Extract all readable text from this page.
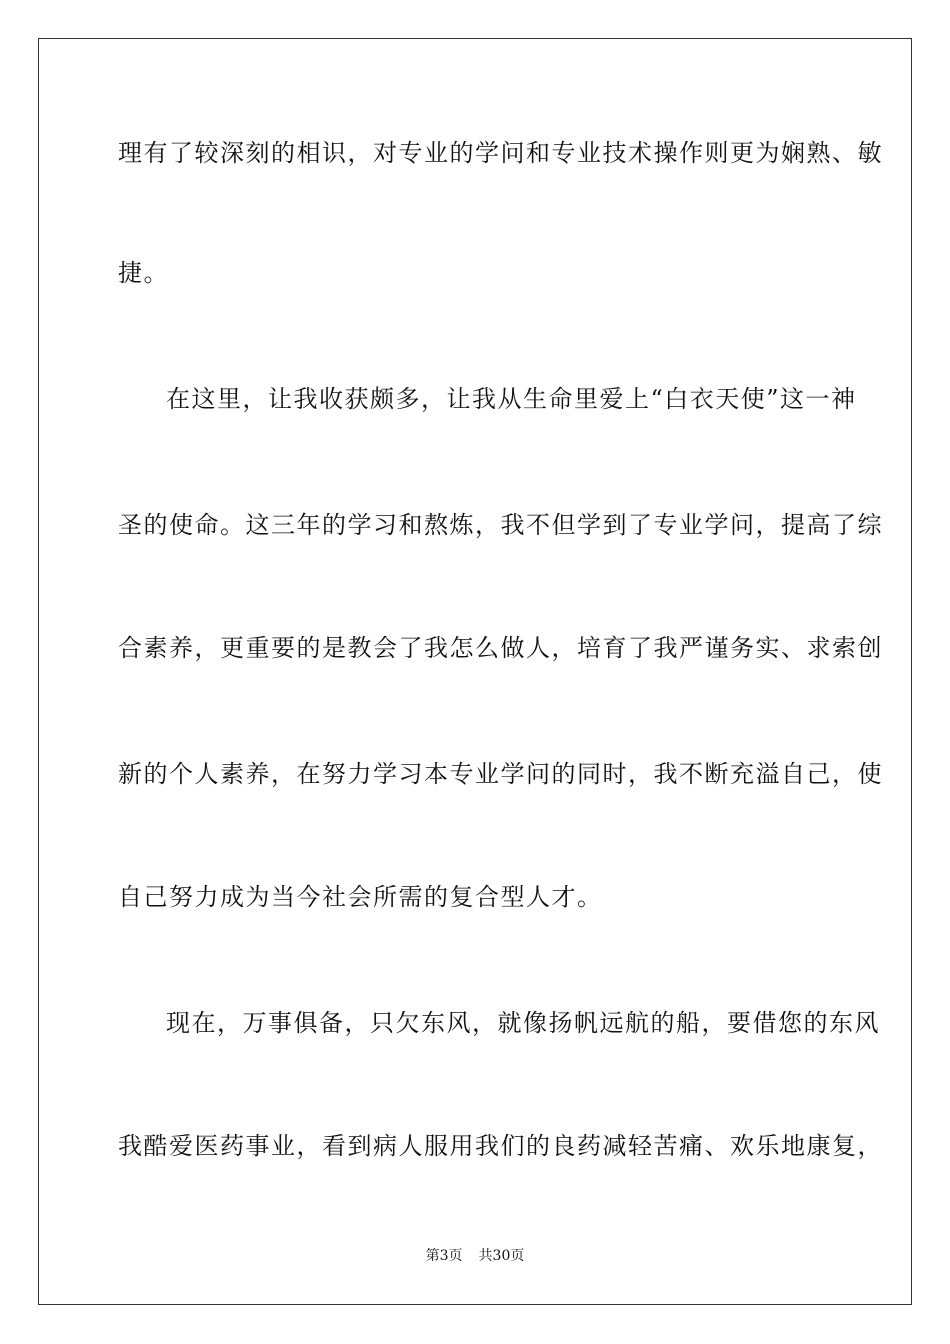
理有了较深刻的相识，对专业的学问和专业技术操作则更为娴熟、敏
捷。
在这里，让我收获颇多，让我从生命里爱上“白衣天使”这一神
圣的使命。这三年的学习和熬炼，我不但学到了专业学问，提高了综
合素养，更重要的是教会了我怎么做人，培育了我严谨务实、求索创
新的个人素养，在努力学习本专业学问的同时，我不断充溢自己，使
自己努力成为当今社会所需的复合型人才。
现在，万事俱备，只欠东风，就像扬帆远航的船，要借您的东风
我酷爱医药事业，看到病人服用我们的良药减轻苦痛、欢乐地康复，
第3页 共30页
